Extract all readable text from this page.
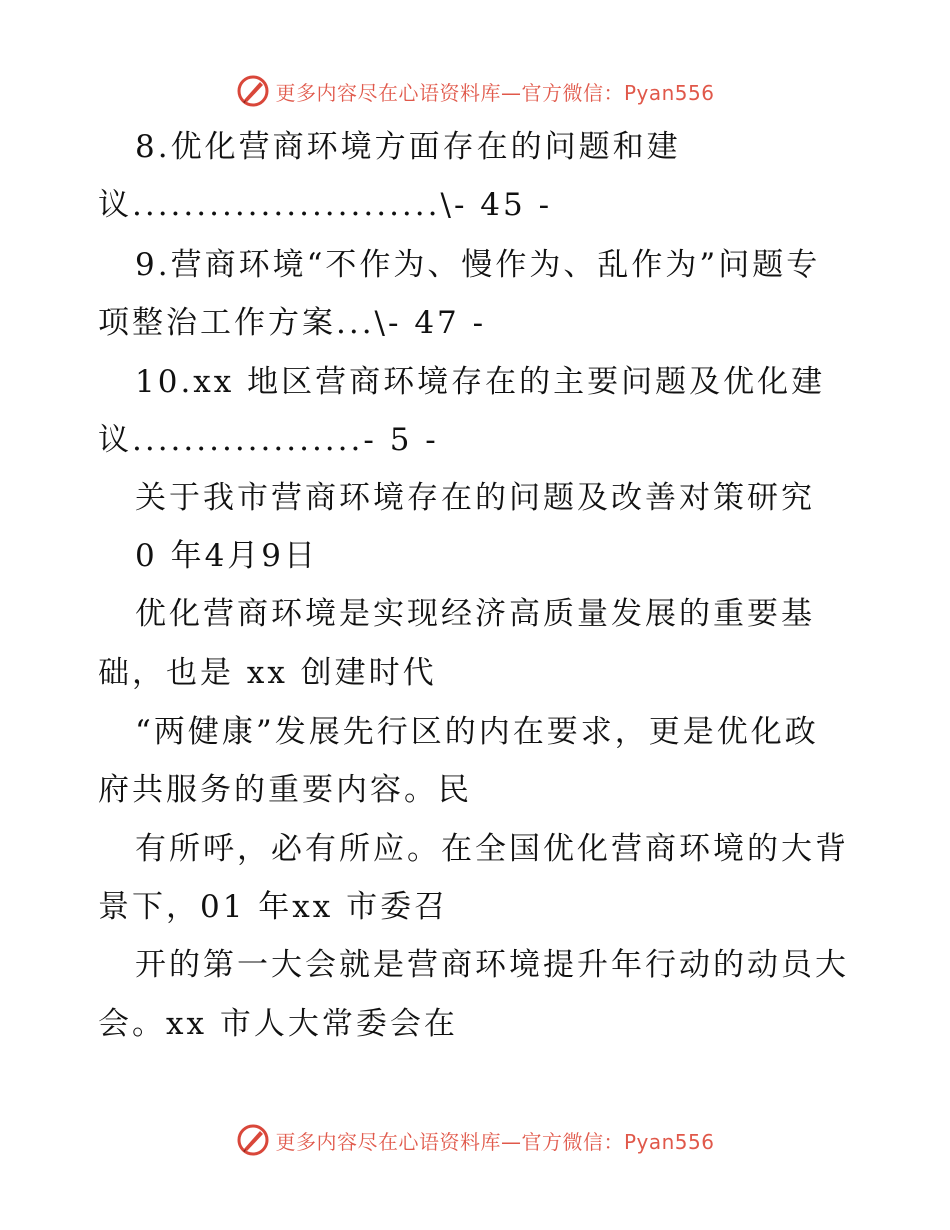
更多内容尽在心语资料库—官方微信：Pyan556
8.优化营商环境方面存在的问题和建
议........................\- 45 -
9.营商环境“不作为、慢作为、乱作为”问题专
项整治工作方案...\- 47 -
10.xx 地区营商环境存在的主要问题及优化建
议..................- 5 -
关于我市营商环境存在的问题及改善对策研究
0 年4月9日
优化营商环境是实现经济高质量发展的重要基
础，也是 xx 创建时代
“两健康”发展先行区的内在要求，更是优化政
府共服务的重要内容。民
有所呼，必有所应。在全国优化营商环境的大背
景下，01 年xx 市委召
开的第一大会就是营商环境提升年行动的动员大
会。xx 市人大常委会在
更多内容尽在心语资料库—官方微信：Pyan556
